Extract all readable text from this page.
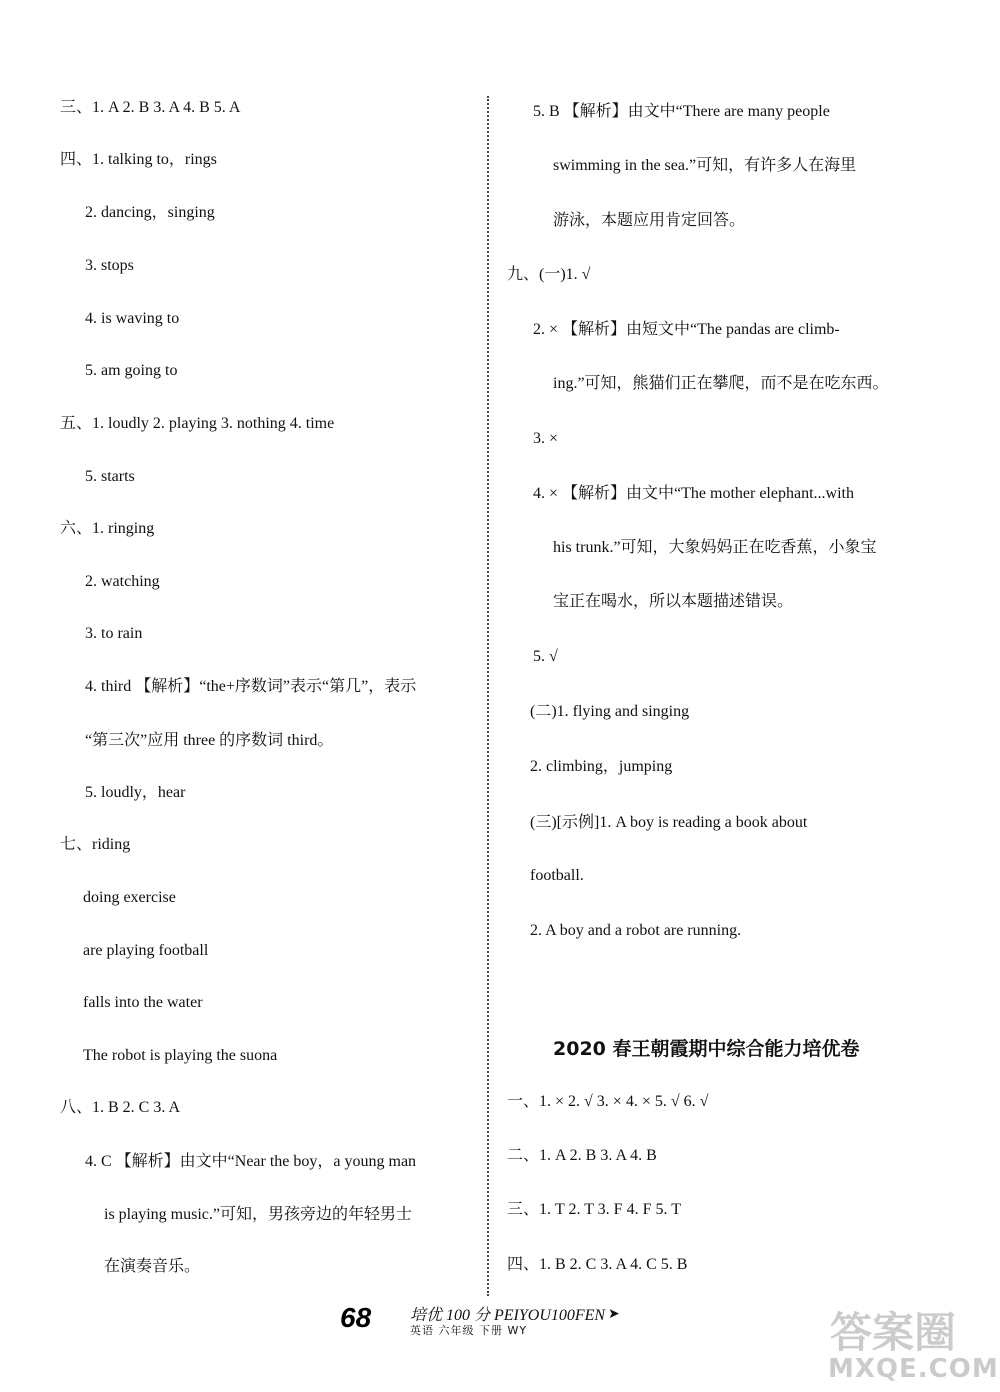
三、1. A 2. B 3. A 4. B 5. A
四、1. talking to，rings
2. dancing，singing
3. stops
4. is waving to
5. am going to
五、1. loudly 2. playing 3. nothing 4. time
5. starts
六、1. ringing
2. watching
3. to rain
4. third 【解析】“the+序数词”表示“第几”，表示
“第三次”应用 three 的序数词 third。
5. loudly，hear
七、riding
doing exercise
are playing football
falls into the water
The robot is playing the suona
八、1. B 2. C 3. A
4. C 【解析】由文中“Near the boy，a young man
is playing music.”可知，男孩旁边的年轻男士
在演奏音乐。
5. B 【解析】由文中“There are many people
swimming in the sea.”可知，有许多人在海里
游泳，本题应用肯定回答。
九、(一)1. √
2. × 【解析】由短文中“The pandas are climb-
ing.”可知，熊猫们正在攀爬，而不是在吃东西。
3. ×
4. × 【解析】由文中“The mother elephant...with
his trunk.”可知，大象妈妈正在吃香蕉，小象宝
宝正在喝水，所以本题描述错误。
5. √
(二)1. flying and singing
2. climbing，jumping
(三)[示例]1. A boy is reading a book about
football.
2. A boy and a robot are running.
2020 春王朝霞期中综合能力培优卷
一、1. × 2. √ 3. × 4. × 5. √ 6. √
二、1. A 2. B 3. A 4. B
三、1. T 2. T 3. F 4. F 5. T
四、1. B 2. C 3. A 4. C 5. B
68 培优 100 分 PEIYOU100FEN
英语 六年级 下册 WY
➤	答案圈
MXQE.COM
